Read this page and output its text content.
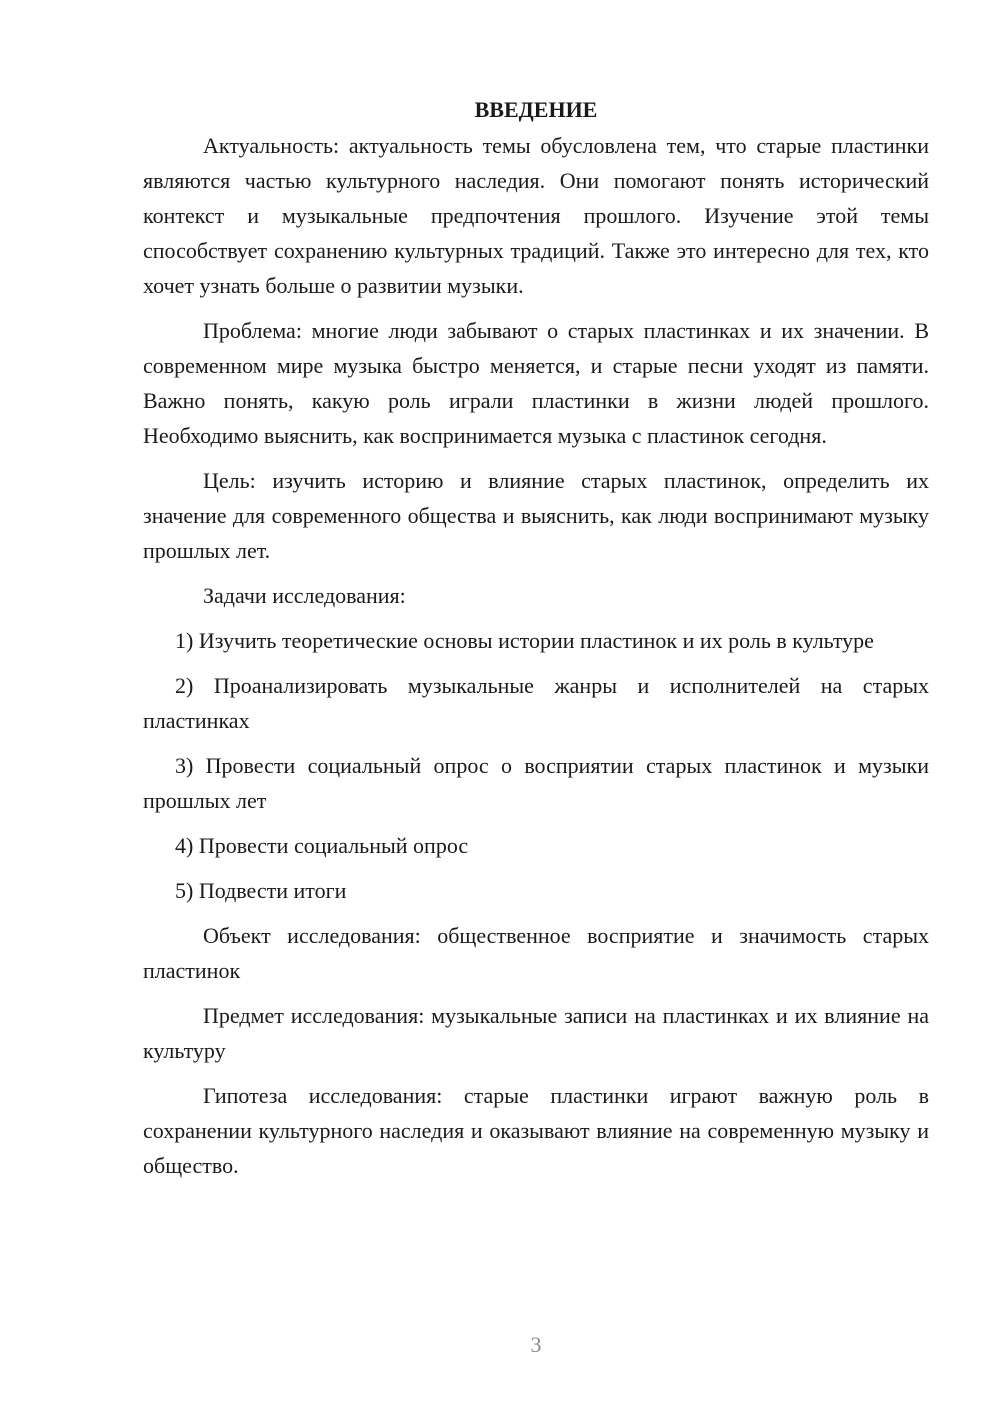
ВВЕДЕНИЕ

Актуальность: актуальность темы обусловлена тем, что старые пластинки являются частью культурного наследия. Они помогают понять исторический контекст и музыкальные предпочтения прошлого. Изучение этой темы способствует сохранению культурных традиций. Также это интересно для тех, кто хочет узнать больше о развитии музыки.

Проблема: многие люди забывают о старых пластинках и их значении. В современном мире музыка быстро меняется, и старые песни уходят из памяти. Важно понять, какую роль играли пластинки в жизни людей прошлого. Необходимо выяснить, как воспринимается музыка с пластинок сегодня.

Цель: изучить историю и влияние старых пластинок, определить их значение для современного общества и выяснить, как люди воспринимают музыку прошлых лет.

Задачи исследования:

1) Изучить теоретические основы истории пластинок и их роль в культуре

2) Проанализировать музыкальные жанры и исполнителей на старых пластинках

3) Провести социальный опрос о восприятии старых пластинок и музыки прошлых лет

4) Провести социальный опрос

5) Подвести итоги

Объект исследования: общественное восприятие и значимость старых пластинок

Предмет исследования: музыкальные записи на пластинках и их влияние на культуру

Гипотеза исследования: старые пластинки играют важную роль в сохранении культурного наследия и оказывают влияние на современную музыку и общество.

3
